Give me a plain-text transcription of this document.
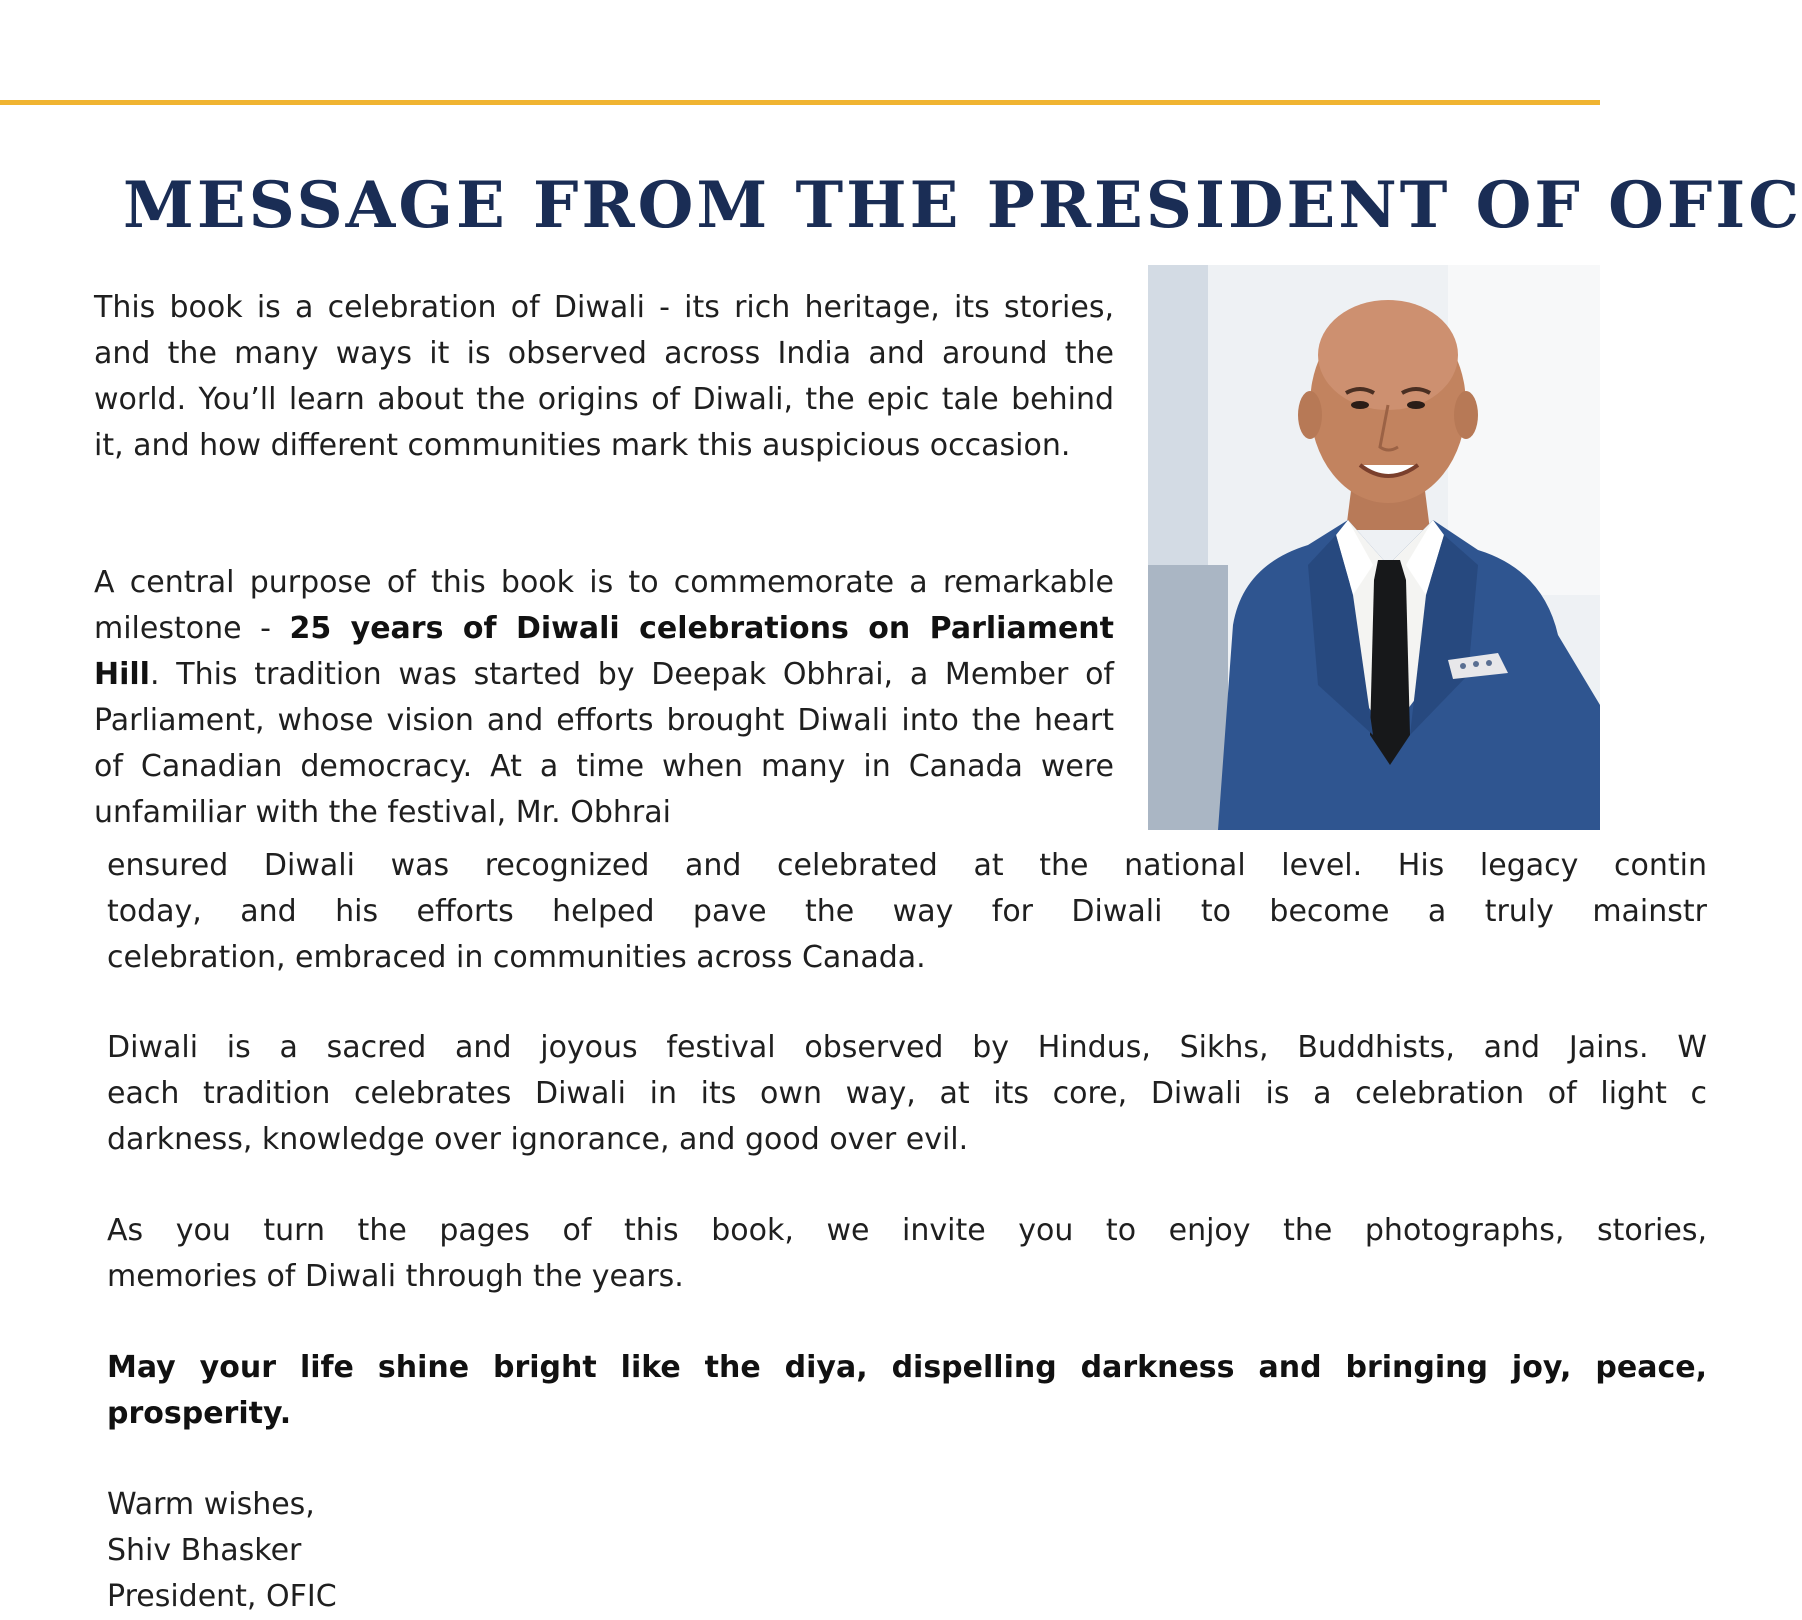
MESSAGE FROM THE PRESIDENT OF OFIC

This book is a celebration of Diwali - its rich heritage, its stories, and the many ways it is observed across India and around the world. You’ll learn about the origins of Diwali, the epic tale behind it, and how different communities mark this auspicious occasion.

A central purpose of this book is to commemorate a remarkable milestone - 25 years of Diwali celebrations on Parliament Hill. This tradition was started by Deepak Obhrai, a Member of Parliament, whose vision and efforts brought Diwali into the heart of Canadian democracy. At a time when many in Canada were unfamiliar with the festival, Mr. Obhrai

ensured Diwali was recognized and celebrated at the national level. His legacy contin
today, and his efforts helped pave the way for Diwali to become a truly mainstr
celebration, embraced in communities across Canada.

Diwali is a sacred and joyous festival observed by Hindus, Sikhs, Buddhists, and Jains. W
each tradition celebrates Diwali in its own way, at its core, Diwali is a celebration of light c
darkness, knowledge over ignorance, and good over evil.

As you turn the pages of this book, we invite you to enjoy the photographs, stories,
memories of Diwali through the years.

May your life shine bright like the diya, dispelling darkness and bringing joy, peace,
prosperity.

Warm wishes,
Shiv Bhasker
President, OFIC
